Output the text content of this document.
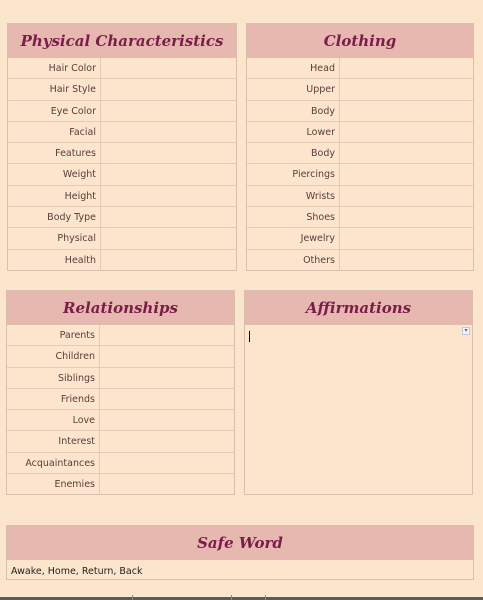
Physical Characteristics
Hair Color
Hair Style
Eye Color
Facial
Features
Weight
Height
Body Type
Physical
Health
Clothing
Head
Upper
Body
Lower
Body
Piercings
Wrists
Shoes
Jewelry
Others
Relationships
Parents
Children
Siblings
Friends
Love
Interest
Acquaintances
Enemies
Affirmations
▾
Safe Word
Awake, Home, Return, Back
